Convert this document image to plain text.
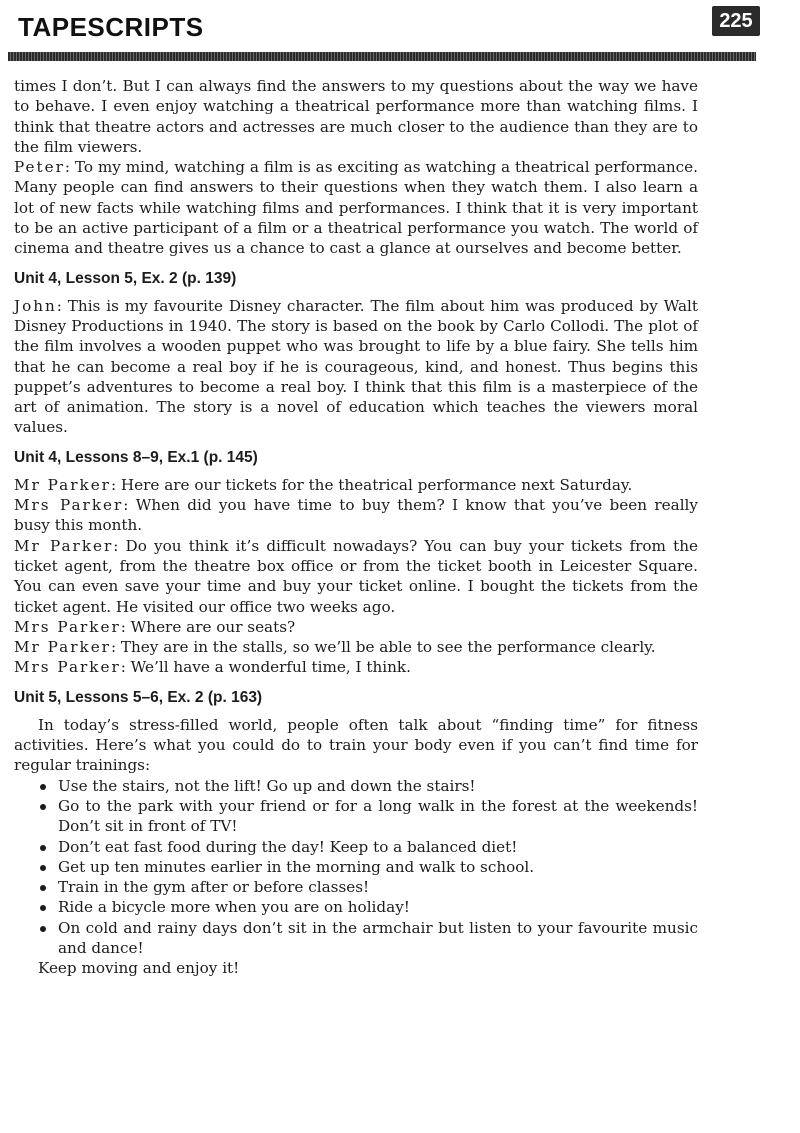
TAPESCRIPTS	225

times I don’t. But I can always find the answers to my questions about the way we have to behave. I even enjoy watching a theatrical performance more than watching films. I think that theatre actors and actresses are much closer to the audience than they are to the film viewers.

Peter: To my mind, watching a film is as exciting as watching a theatrical performance. Many people can find answers to their questions when they watch them. I also learn a lot of new facts while watching films and performances. I think that it is very important to be an active participant of a film or a theatrical performance you watch. The world of cinema and theatre gives us a chance to cast a glance at ourselves and become better.

Unit 4, Lesson 5, Ex. 2 (p. 139)

John: This is my favourite Disney character. The film about him was produced by Walt Disney Productions in 1940. The story is based on the book by Carlo Collodi. The plot of the film involves a wooden puppet who was brought to life by a blue fairy. She tells him that he can become a real boy if he is courageous, kind, and honest. Thus begins this puppet’s adventures to become a real boy. I think that this film is a masterpiece of the art of animation. The story is a novel of education which teaches the viewers moral values.

Unit 4, Lessons 8–9, Ex.1 (p. 145)

Mr Parker: Here are our tickets for the theatrical performance next Saturday.

Mrs Parker: When did you have time to buy them? I know that you’ve been really busy this month.

Mr Parker: Do you think it’s difficult nowadays? You can buy your tickets from the ticket agent, from the theatre box office or from the ticket booth in Leicester Square. You can even save your time and buy your ticket online. I bought the tickets from the ticket agent. He visited our office two weeks ago.

Mrs Parker: Where are our seats?

Mr Parker: They are in the stalls, so we’ll be able to see the performance clearly.

Mrs Parker: We’ll have a wonderful time, I think.

Unit 5, Lessons 5–6, Ex. 2 (p. 163)

In today’s stress-filled world, people often talk about “finding time” for fitness activities. Here’s what you could do to train your body even if you can’t find time for regular trainings:

Use the stairs, not the lift! Go up and down the stairs!
Go to the park with your friend or for a long walk in the forest at the weekends! Don’t sit in front of TV!
Don’t eat fast food during the day! Keep to a balanced diet!
Get up ten minutes earlier in the morning and walk to school.
Train in the gym after or before classes!
Ride a bicycle more when you are on holiday!
On cold and rainy days don’t sit in the armchair but listen to your favourite music and dance!

Keep moving and enjoy it!
